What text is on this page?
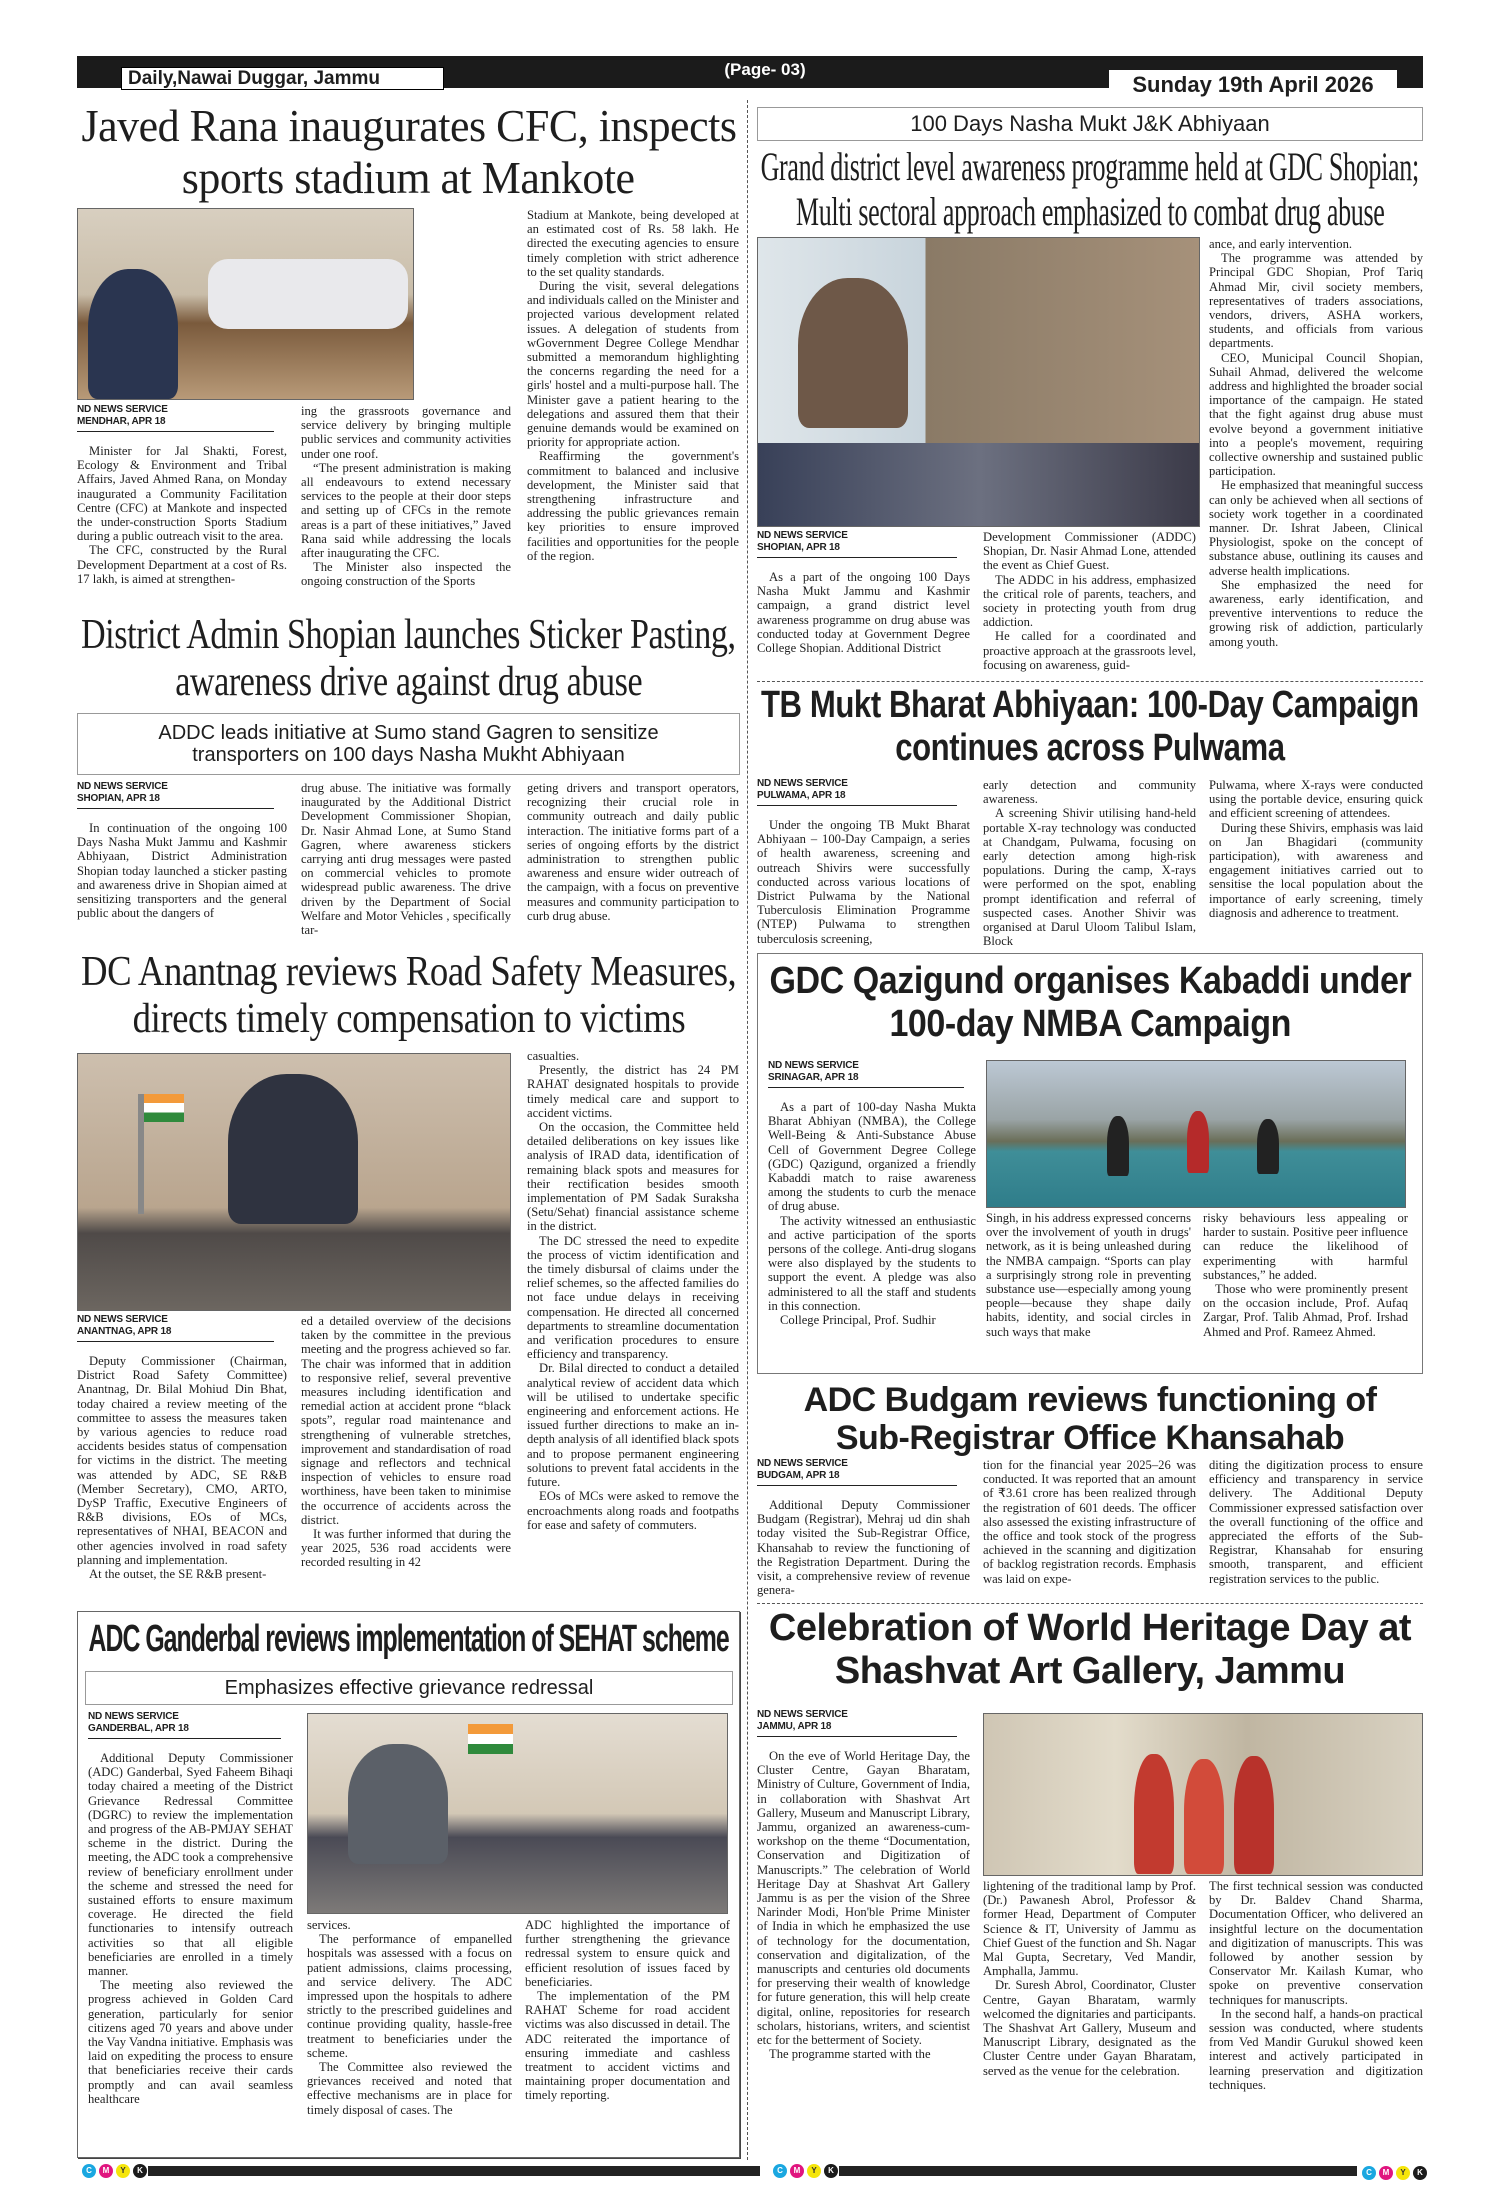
Daily,Nawai Duggar, Jammu	(Page- 03)
Sunday 19th April 2026
Javed Rana inaugurates CFC, inspects
sports stadium at Mankote
ND NEWS SERVICE
MENDHAR, APR 18

Minister for Jal Shakti, Forest, Ecology & Environment and Tribal Affairs, Javed Ahmed Rana, on Monday inaugurated a Community Facilitation Centre (CFC) at Mankote and inspected the under-construction Sports Stadium during a public outreach visit to the area.

The CFC, constructed by the Rural Development Department at a cost of Rs. 17 lakh, is aimed at strengthen-

ing the grassroots governance and service delivery by bringing multiple public services and community activities under one roof.

“The present administration is making all endeavours to extend necessary services to the people at their door steps and setting up of CFCs in the remote areas is a part of these initiatives,” Javed Rana said while addressing the locals after inaugurating the CFC.

The Minister also inspected the ongoing construction of the Sports

Stadium at Mankote, being developed at an estimated cost of Rs. 58 lakh. He directed the executing agencies to ensure timely completion with strict adherence to the set quality standards.

During the visit, several delegations and individuals called on the Minister and projected various development related issues. A delegation of students from wGovernment Degree College Mendhar submitted a memorandum highlighting the concerns regarding the need for a girls' hostel and a multi-purpose hall. The Minister gave a patient hearing to the delegations and assured them that their genuine demands would be examined on priority for appropriate action.

Reaffirming the government's commitment to balanced and inclusive development, the Minister said that strengthening infrastructure and addressing the public grievances remain key priorities to ensure improved facilities and opportunities for the people of the region.

100 Days Nasha Mukt J&K Abhiyaan
Grand district level awareness programme held at GDC Shopian;
Multi sectoral approach emphasized to combat drug abuse
ND NEWS SERVICE
SHOPIAN, APR 18

As a part of the ongoing 100 Days Nasha Mukt Jammu and Kashmir campaign, a grand district level awareness programme on drug abuse was conducted today at Government Degree College Shopian. Additional District

Development Commissioner (ADDC) Shopian, Dr. Nasir Ahmad Lone, attended the event as Chief Guest.

The ADDC in his address, emphasized the critical role of parents, teachers, and society in protecting youth from drug addiction.

He called for a coordinated and proactive approach at the grassroots level, focusing on awareness, guid-

ance, and early intervention.

The programme was attended by Principal GDC Shopian, Prof Tariq Ahmad Mir, civil society members, representatives of traders associations, vendors, drivers, ASHA workers, students, and officials from various departments.

CEO, Municipal Council Shopian, Suhail Ahmad, delivered the welcome address and highlighted the broader social importance of the campaign. He stated that the fight against drug abuse must evolve beyond a government initiative into a people's movement, requiring collective ownership and sustained public participation.

He emphasized that meaningful success can only be achieved when all sections of society work together in a coordinated manner. Dr. Ishrat Jabeen, Clinical Physiologist, spoke on the concept of substance abuse, outlining its causes and adverse health implications.

She emphasized the need for awareness, early identification, and preventive interventions to reduce the growing risk of addiction, particularly among youth.

District Admin Shopian launches Sticker Pasting,
awareness drive against drug abuse
ADDC leads initiative at Sumo stand Gagren to sensitize
transporters on 100 days Nasha Mukht Abhiyaan
ND NEWS SERVICE
SHOPIAN, APR 18

In continuation of the ongoing 100 Days Nasha Mukt Jammu and Kashmir Abhiyaan, District Administration Shopian today launched a sticker pasting and awareness drive in Shopian aimed at sensitizing transporters and the general public about the dangers of

drug abuse. The initiative was formally inaugurated by the Additional District Development Commissioner Shopian, Dr. Nasir Ahmad Lone, at Sumo Stand Gagren, where awareness stickers carrying anti drug messages were pasted on commercial vehicles to promote widespread public awareness. The drive driven by the Department of Social Welfare and Motor Vehicles , specifically tar-

geting drivers and transport operators, recognizing their crucial role in community outreach and daily public interaction. The initiative forms part of a series of ongoing efforts by the district administration to strengthen public awareness and ensure wider outreach of the campaign, with a focus on preventive measures and community participation to curb drug abuse.

TB Mukt Bharat Abhiyaan: 100-Day Campaign
continues across Pulwama
ND NEWS SERVICE
PULWAMA, APR 18

Under the ongoing TB Mukt Bharat Abhiyaan – 100-Day Campaign, a series of health awareness, screening and outreach Shivirs were successfully conducted across various locations of District Pulwama by the National Tuberculosis Elimination Programme (NTEP) Pulwama to strengthen tuberculosis screening,

early detection and community awareness.

A screening Shivir utilising hand-held portable X-ray technology was conducted at Chandgam, Pulwama, focusing on early detection among high-risk populations. During the camp, X-rays were performed on the spot, enabling prompt identification and referral of suspected cases. Another Shivir was organised at Darul Uloom Talibul Islam, Block

Pulwama, where X-rays were conducted using the portable device, ensuring quick and efficient screening of attendees.

During these Shivirs, emphasis was laid on Jan Bhagidari (community participation), with awareness and engagement initiatives carried out to sensitise the local population about the importance of early screening, timely diagnosis and adherence to treatment.

DC Anantnag reviews Road Safety Measures,
directs timely compensation to victims
ND NEWS SERVICE
ANANTNAG, APR 18

Deputy Commissioner (Chairman, District Road Safety Committee) Anantnag, Dr. Bilal Mohiud Din Bhat, today chaired a review meeting of the committee to assess the measures taken by various agencies to reduce road accidents besides status of compensation for victims in the district. The meeting was attended by ADC, SE R&B (Member Secretary), CMO, ARTO, DySP Traffic, Executive Engineers of R&B divisions, EOs of MCs, representatives of NHAI, BEACON and other agencies involved in road safety planning and implementation.

At the outset, the SE R&B present-

ed a detailed overview of the decisions taken by the committee in the previous meeting and the progress achieved so far. The chair was informed that in addition to responsive relief, several preventive measures including identification and remedial action at accident prone “black spots”, regular road maintenance and strengthening of vulnerable stretches, improvement and standardisation of road signage and reflectors and technical inspection of vehicles to ensure road worthiness, have been taken to minimise the occurrence of accidents across the district.

It was further informed that during the year 2025, 536 road accidents were recorded resulting in 42

casualties.

Presently, the district has 24 PM RAHAT designated hospitals to provide timely medical care and support to accident victims.

On the occasion, the Committee held detailed deliberations on key issues like analysis of IRAD data, identification of remaining black spots and measures for their rectification besides smooth implementation of PM Sadak Suraksha (Setu/Sehat) financial assistance scheme in the district.

The DC stressed the need to expedite the process of victim identification and the timely disbursal of claims under the relief schemes, so the affected families do not face undue delays in receiving compensation. He directed all concerned departments to streamline documentation and verification procedures to ensure efficiency and transparency.

Dr. Bilal directed to conduct a detailed analytical review of accident data which will be utilised to undertake specific engineering and enforcement actions. He issued further directions to make an in-depth analysis of all identified black spots and to propose permanent engineering solutions to prevent fatal accidents in the future.

EOs of MCs were asked to remove the encroachments along roads and footpaths for ease and safety of commuters.

GDC Qazigund organises Kabaddi under
100-day NMBA Campaign
ND NEWS SERVICE
SRINAGAR, APR 18

As a part of 100-day Nasha Mukta Bharat Abhiyan (NMBA), the College Well-Being & Anti-Substance Abuse Cell of Government Degree College (GDC) Qazigund, organized a friendly Kabaddi match to raise awareness among the students to curb the menace of drug abuse.

The activity witnessed an enthusiastic and active participation of the sports persons of the college. Anti-drug slogans were also displayed by the students to support the event. A pledge was also administered to all the staff and students in this connection.

College Principal, Prof. Sudhir

Singh, in his address expressed concerns over the involvement of youth in drugs' network, as it is being unleashed during the NMBA campaign. “Sports can play a surprisingly strong role in preventing substance use—especially among young people—because they shape daily habits, identity, and social circles in such ways that make

risky behaviours less appealing or harder to sustain. Positive peer influence can reduce the likelihood of experimenting with harmful substances,” he added.

Those who were prominently present on the occasion include, Prof. Aufaq Zargar, Prof. Talib Ahmad, Prof. Irshad Ahmed and Prof. Rameez Ahmed.

ADC Budgam reviews functioning of
Sub-Registrar Office Khansahab
ND NEWS SERVICE
BUDGAM, APR 18

Additional Deputy Commissioner Budgam (Registrar), Mehraj ud din shah today visited the Sub-Registrar Office, Khansahab to review the functioning of the Registration Department. During the visit, a comprehensive review of revenue genera-

tion for the financial year 2025–26 was conducted. It was reported that an amount of ₹3.61 crore has been realized through the registration of 601 deeds. The officer also assessed the existing infrastructure of the office and took stock of the progress achieved in the scanning and digitization of backlog registration records. Emphasis was laid on expe-

diting the digitization process to ensure efficiency and transparency in service delivery. The Additional Deputy Commissioner expressed satisfaction over the overall functioning of the office and appreciated the efforts of the Sub-Registrar, Khansahab for ensuring smooth, transparent, and efficient registration services to the public.

ADC Ganderbal reviews implementation of SEHAT scheme
Emphasizes effective grievance redressal
ND NEWS SERVICE
GANDERBAL, APR 18

Additional Deputy Commissioner (ADC) Ganderbal, Syed Faheem Bihaqi today chaired a meeting of the District Grievance Redressal Committee (DGRC) to review the implementation and progress of the AB-PMJAY SEHAT scheme in the district. During the meeting, the ADC took a comprehensive review of beneficiary enrollment under the scheme and stressed the need for sustained efforts to ensure maximum coverage. He directed the field functionaries to intensify outreach activities so that all eligible beneficiaries are enrolled in a timely manner.

The meeting also reviewed the progress achieved in Golden Card generation, particularly for senior citizens aged 70 years and above under the Vay Vandna initiative. Emphasis was laid on expediting the process to ensure that beneficiaries receive their cards promptly and can avail seamless healthcare

services.

The performance of empanelled hospitals was assessed with a focus on patient admissions, claims processing, and service delivery. The ADC impressed upon the hospitals to adhere strictly to the prescribed guidelines and continue providing quality, hassle-free treatment to beneficiaries under the scheme.

The Committee also reviewed the grievances received and noted that effective mechanisms are in place for timely disposal of cases. The

ADC highlighted the importance of further strengthening the grievance redressal system to ensure quick and efficient resolution of issues faced by beneficiaries.

The implementation of the PM RAHAT Scheme for road accident victims was also discussed in detail. The ADC reiterated the importance of ensuring immediate and cashless treatment to accident victims and maintaining proper documentation and timely reporting.

Celebration of World Heritage Day at
Shashvat Art Gallery, Jammu
ND NEWS SERVICE
JAMMU, APR 18

On the eve of World Heritage Day, the Cluster Centre, Gayan Bharatam, Ministry of Culture, Government of India, in collaboration with Shashvat Art Gallery, Museum and Manuscript Library, Jammu, organized an awareness-cum-workshop on the theme “Documentation, Conservation and Digitization of Manuscripts.” The celebration of World Heritage Day at Shashvat Art Gallery Jammu is as per the vision of the Shree Narinder Modi, Hon'ble Prime Minister of India in which he emphasized the use of technology for the documentation, conservation and digitalization, of the manuscripts and centuries old documents for preserving their wealth of knowledge for future generation, this will help create digital, online, repositories for research scholars, historians, writers, and scientist etc for the betterment of Society.

The programme started with the

lightening of the traditional lamp by Prof. (Dr.) Pawanesh Abrol, Professor & former Head, Department of Computer Science & IT, University of Jammu as Chief Guest of the function and Sh. Nagar Mal Gupta, Secretary, Ved Mandir, Amphalla, Jammu.

Dr. Suresh Abrol, Coordinator, Cluster Centre, Gayan Bharatam, warmly welcomed the dignitaries and participants. The Shashvat Art Gallery, Museum and Manuscript Library, designated as the Cluster Centre under Gayan Bharatam, served as the venue for the celebration.

The first technical session was conducted by Dr. Baldev Chand Sharma, Documentation Officer, who delivered an insightful lecture on the documentation and digitization of manuscripts. This was followed by another session by Conservator Mr. Kailash Kumar, who spoke on preventive conservation techniques for manuscripts.

In the second half, a hands-on practical session was conducted, where students from Ved Mandir Gurukul showed keen interest and actively participated in learning preservation and digitization techniques.

C	M	Y	K	C	M	Y	K	C	M	Y	K
